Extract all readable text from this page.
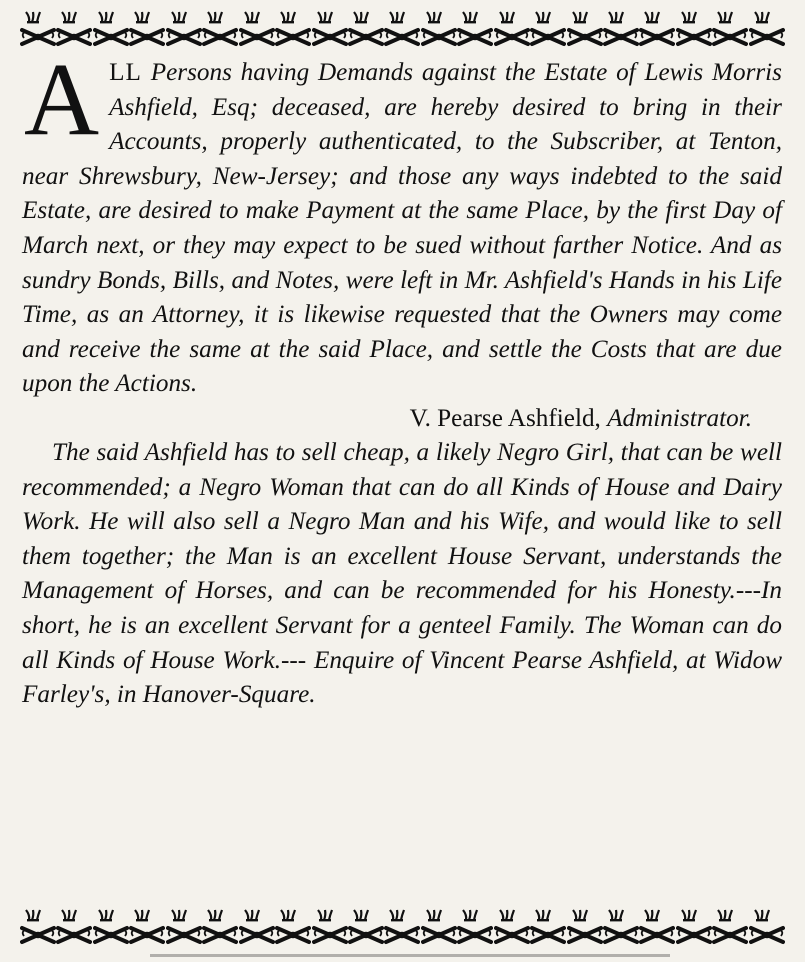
ALL Persons having Demands against the Estate of Lewis Morris Ashfield, Esq; deceased, are hereby desired to bring in their Accounts, properly authenticated, to the Subscriber, at Tenton, near Shrewsbury, New-Jersey; and those any ways indebted to the said Estate, are desired to make Payment at the same Place, by the first Day of March next, or they may expect to be sued without farther Notice. And as sundry Bonds, Bills, and Notes, were left in Mr. Ashfield's Hands in his Life Time, as an Attorney, it is likewise requested that the Owners may come and receive the same at the said Place, and settle the Costs that are due upon the Actions.

V. Pearse Ashfield, Administrator.

The said Ashfield has to sell cheap, a likely Negro Girl, that can be well recommended; a Negro Woman that can do all Kinds of House and Dairy Work. He will also sell a Negro Man and his Wife, and would like to sell them together; the Man is an excellent House Servant, understands the Management of Horses, and can be recommended for his Honesty.---In short, he is an excellent Servant for a genteel Family. The Woman can do all Kinds of House Work.--- Enquire of Vincent Pearse Ashfield, at Widow Farley's, in Hanover-Square.
